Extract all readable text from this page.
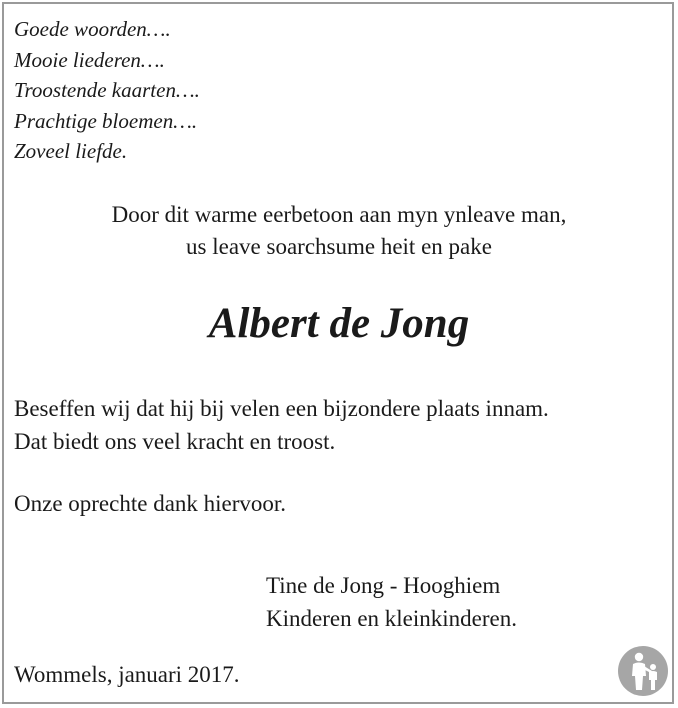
Goede woorden….
Mooie liederen….
Troostende kaarten….
Prachtige bloemen….
Zoveel liefde.
Door dit warme eerbetoon aan myn ynleave man,
us leave soarchsume heit en pake
Albert de Jong
Beseffen wij dat hij bij velen een bijzondere plaats innam.
Dat biedt ons veel kracht en troost.
Onze oprechte dank hiervoor.
Tine de Jong - Hooghiem
Kinderen en kleinkinderen.
Wommels, januari 2017.
